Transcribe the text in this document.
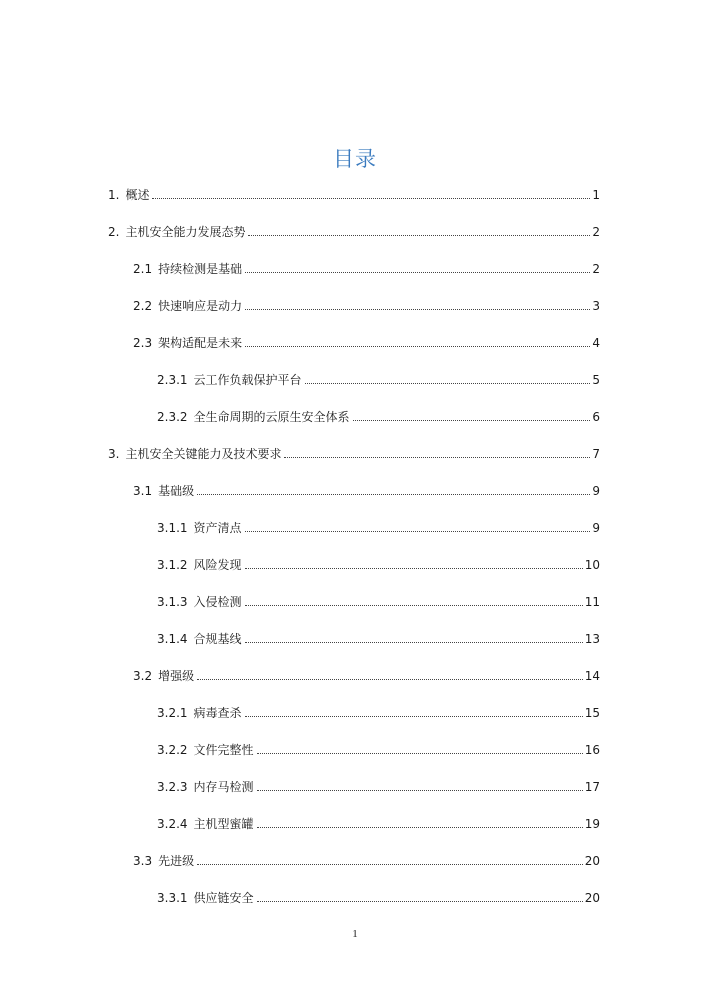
目录
1. 概述	1
2. 主机安全能力发展态势	2
2.1 持续检测是基础	2
2.2 快速响应是动力	3
2.3 架构适配是未来	4
2.3.1 云工作负载保护平台	5
2.3.2 全生命周期的云原生安全体系	6
3. 主机安全关键能力及技术要求	7
3.1 基础级	9
3.1.1 资产清点	9
3.1.2 风险发现	10
3.1.3 入侵检测	11
3.1.4 合规基线	13
3.2 增强级	14
3.2.1 病毒查杀	15
3.2.2 文件完整性	16
3.2.3 内存马检测	17
3.2.4 主机型蜜罐	19
3.3 先进级	20
3.3.1 供应链安全	20
1
